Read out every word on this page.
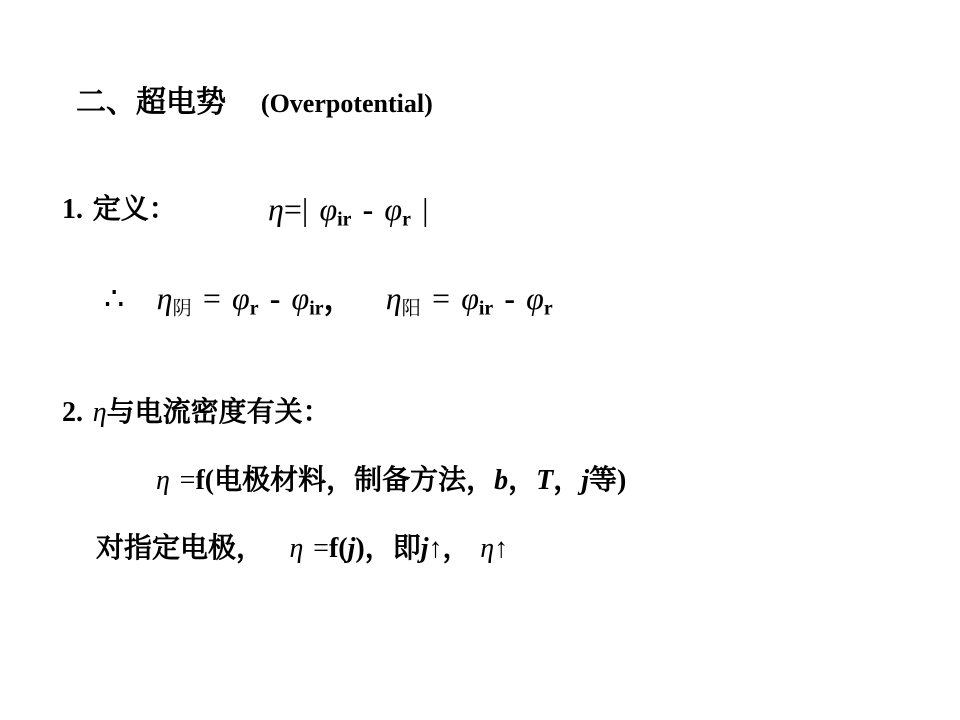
二、超电势 (Overpotential)
1. 定义：	η=| $\varphi_{ir} - \varphi_r$ |
∴ $\eta_阴 = \varphi_r - \varphi_{ir}$， $\eta_阳 = \varphi_{ir} - \varphi_r$
2. η与电流密度有关：
η =f(电极材料，制备方法，b，T，j等)
对指定电极， η =f(j)，即j↑， η↑
